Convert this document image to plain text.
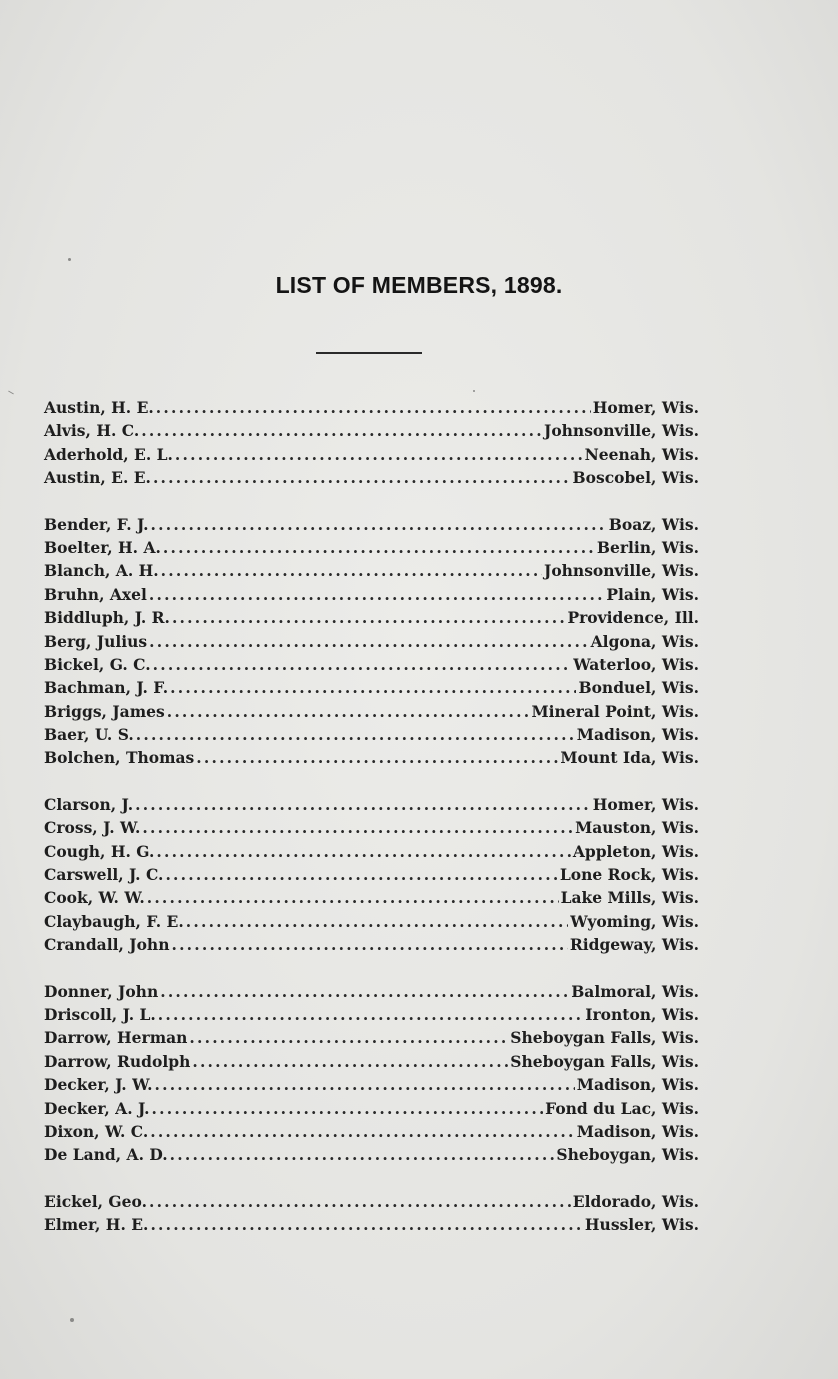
LIST OF MEMBERS, 1898.
Austin, H. E. .....	Homer, Wis.
Alvis, H. C. .....	Johnsonville, Wis.
Aderhold, E. L. .....	Neenah, Wis.
Austin, E. E. .....	Boscobel, Wis.
Bender, F. J. .....	Boaz, Wis.
Boelter, H. A. .....	Berlin, Wis.
Blanch, A. H. .....	Johnsonville, Wis.
Bruhn, Axel .....	Plain, Wis.
Biddluph, J. R. .....	Providence, Ill.
Berg, Julius .....	Algona, Wis.
Bickel, G. C. .....	Waterloo, Wis.
Bachman, J. F. .....	Bonduel, Wis.
Briggs, James .....	Mineral Point, Wis.
Baer, U. S. .....	Madison, Wis.
Bolchen, Thomas .....	Mount Ida, Wis.
Clarson, J. .....	Homer, Wis.
Cross, J. W. .....	Mauston, Wis.
Cough, H. G. .....	Appleton, Wis.
Carswell, J. C. .....	Lone Rock, Wis.
Cook, W. W. .....	Lake Mills, Wis.
Claybaugh, F. E. .....	Wyoming, Wis.
Crandall, John .....	Ridgeway, Wis.
Donner, John .....	Balmoral, Wis.
Driscoll, J. L. .....	Ironton, Wis.
Darrow, Herman .....	Sheboygan Falls, Wis.
Darrow, Rudolph .....	Sheboygan Falls, Wis.
Decker, J. W. .....	Madison, Wis.
Decker, A. J. .....	Fond du Lac, Wis.
Dixon, W. C. .....	Madison, Wis.
De Land, A. D. .....	Sheboygan, Wis.
Eickel, Geo. .....	Eldorado, Wis.
Elmer, H. E. .....	Hussler, Wis.
